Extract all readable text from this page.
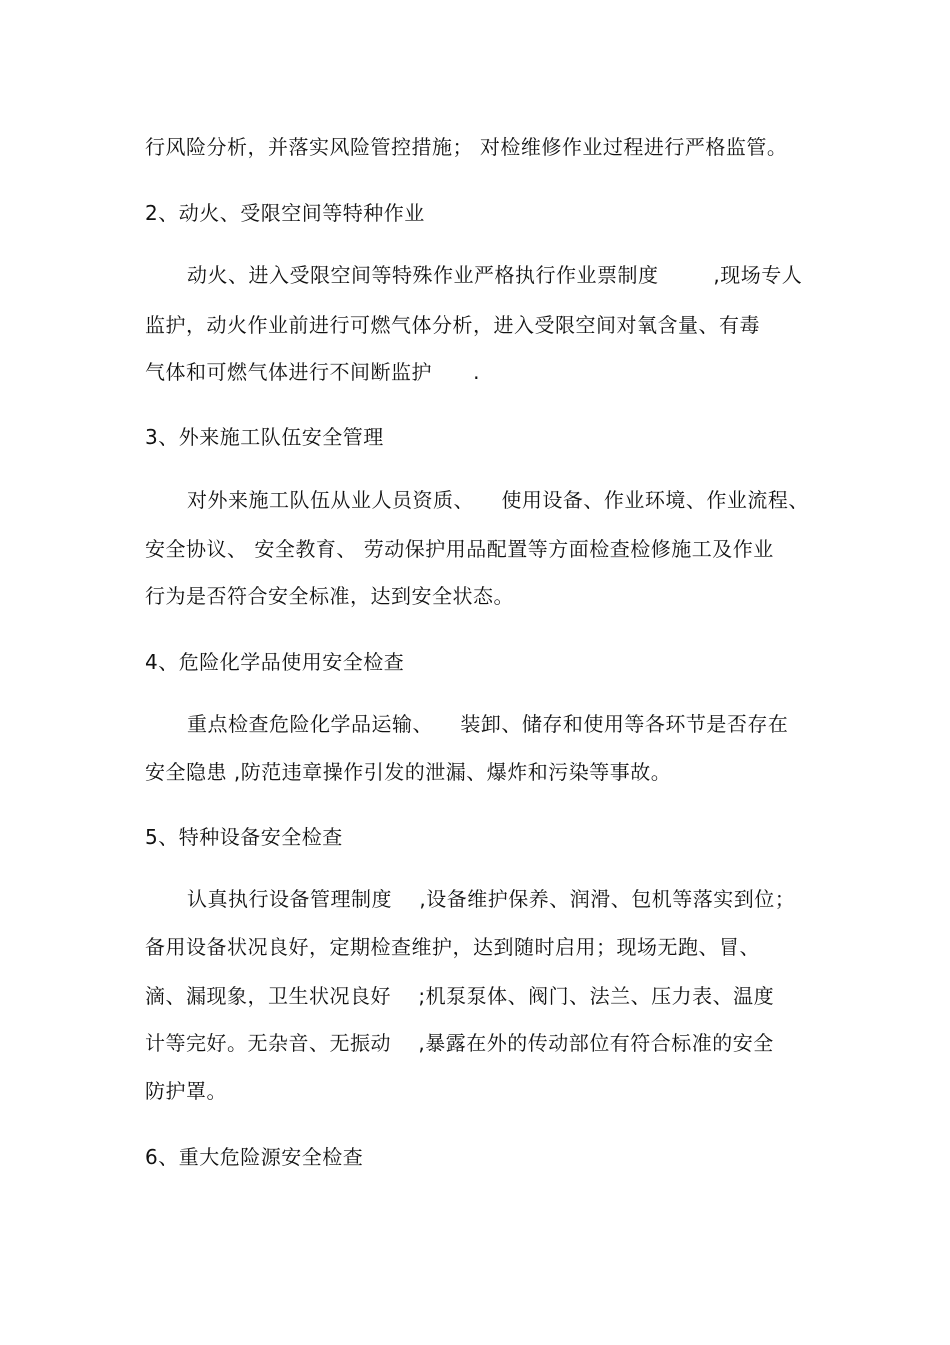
行风险分析，并落实风险管控措施； 对检维修作业过程进行严格监管。
2、动火、受限空间等特种作业
动火、进入受限空间等特殊作业严格执行作业票制度        ,现场专人
监护，动火作业前进行可燃气体分析，进入受限空间对氧含量、有毒
气体和可燃气体进行不间断监护      .
3、外来施工队伍安全管理
对外来施工队伍从业人员资质、    使用设备、作业环境、作业流程、
安全协议、 安全教育、 劳动保护用品配置等方面检查检修施工及作业
行为是否符合安全标准，达到安全状态。
4、危险化学品使用安全检查
重点检查危险化学品运输、    装卸、储存和使用等各环节是否存在
安全隐患 ,防范违章操作引发的泄漏、爆炸和污染等事故。
5、特种设备安全检查
认真执行设备管理制度    ,设备维护保养、润滑、包机等落实到位；
备用设备状况良好，定期检查维护，达到随时启用；现场无跑、冒、
滴、漏现象，卫生状况良好    ;机泵泵体、阀门、法兰、压力表、温度
计等完好。无杂音、无振动    ,暴露在外的传动部位有符合标准的安全
防护罩。
6、重大危险源安全检查
